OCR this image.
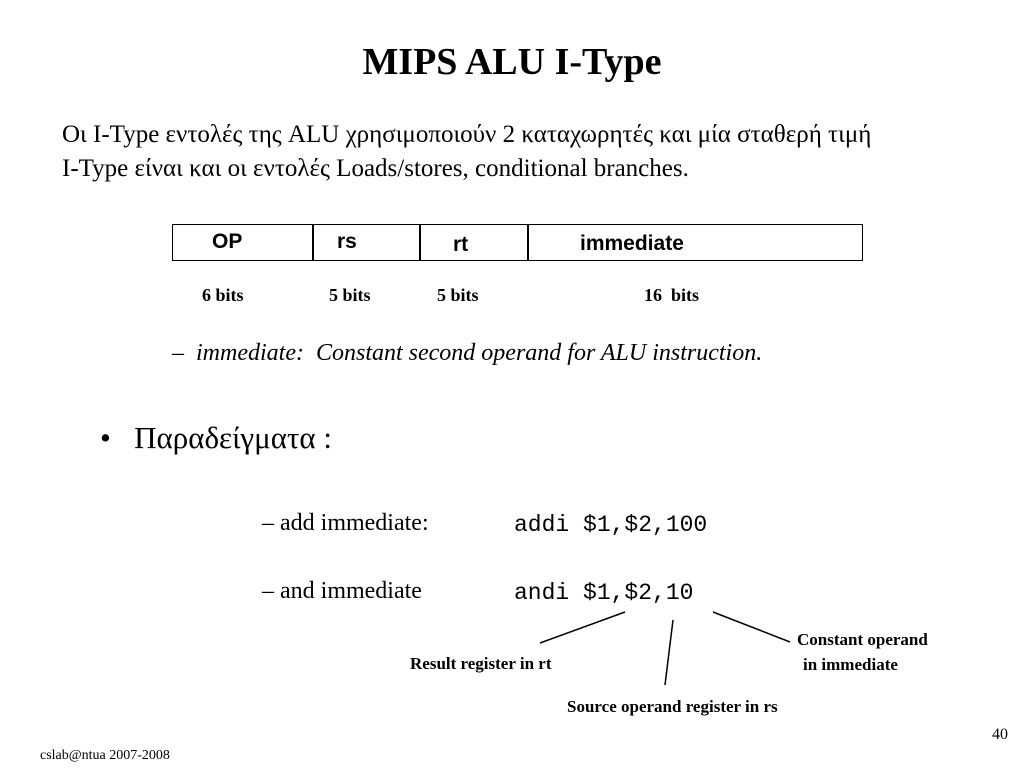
MIPS ALU I-Type
Οι I-Type εντολές της ALU χρησιμοποιούν 2 καταχωρητές και μία σταθερή τιμή
I-Type είναι και οι εντολές Loads/stores, conditional branches.
OP	rs	rt	immediate
6 bits	5 bits	5 bits	16  bits
– immediate:  Constant second operand for ALU instruction.
• Παραδείγματα :
– add immediate:	addi $1,$2,100
– and immediate	andi $1,$2,10
Result register in rt
Source operand register in rs
Constant operand
in immediate
cslab@ntua 2007-2008
40
